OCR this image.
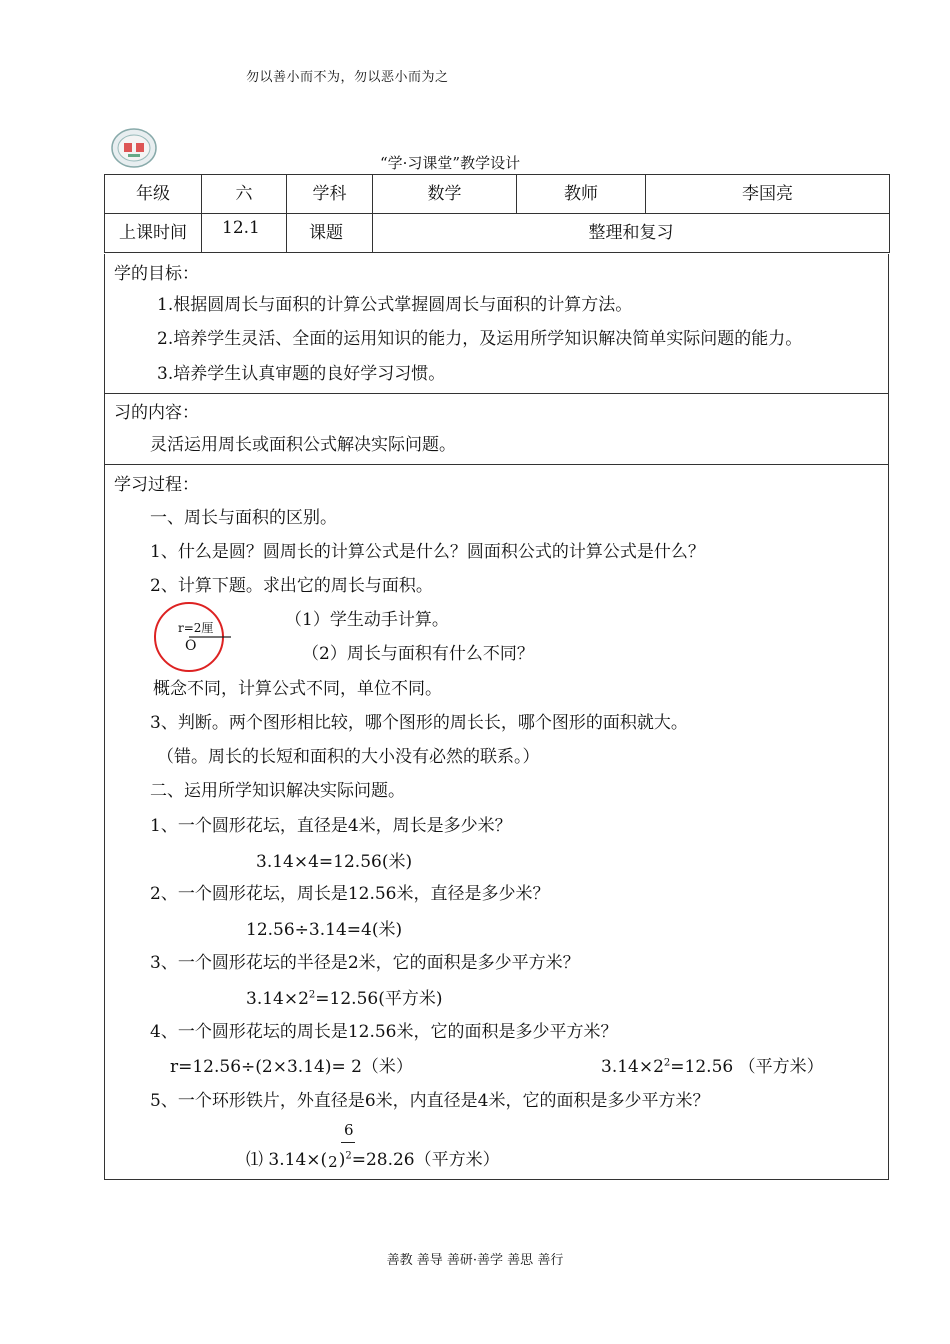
勿以善小而不为，勿以恶小而为之
“学·习课堂”教学设计
年级	六	学科	数学	教师	李国亮

上课时间	12.1	课题	整理和复习		
学的目标：
1.根据圆周长与面积的计算公式掌握圆周长与面积的计算方法。
2.培养学生灵活、全面的运用知识的能力，及运用所学知识解决简单实际问题的能力。
3.培养学生认真审题的良好学习习惯。
习的内容：
灵活运用周长或面积公式解决实际问题。
学习过程：
一、周长与面积的区别。
1、什么是圆？圆周长的计算公式是什么？圆面积公式的计算公式是什么？
2、计算下题。求出它的周长与面积。
r=2厘
O
（1）学生动手计算。
（2）周长与面积有什么不同？
概念不同，计算公式不同，单位不同。
3、判断。两个图形相比较，哪个图形的周长长，哪个图形的面积就大。
（错。周长的长短和面积的大小没有必然的联系。）
二、运用所学知识解决实际问题。
1、一个圆形花坛，直径是4米，周长是多少米？
3.14×4=12.56(米)
2、一个圆形花坛，周长是12.56米，直径是多少米？
12.56÷3.14=4(米)
3、一个圆形花坛的半径是2米，它的面积是多少平方米？
$3.14\times 2^2=12.56$(平方米)
4、一个圆形花坛的周长是12.56米，它的面积是多少平方米？
r=12.56÷(2×3.14)= 2（米）	$3.14\times 2^2=12.56$ （平方米）
5、一个环形铁片，外直径是6米，内直径是4米，它的面积是多少平方米？
6
⑴ $3.14\times(2)^2=28.26$（平方米）
善教 善导 善研·善学 善思 善行
